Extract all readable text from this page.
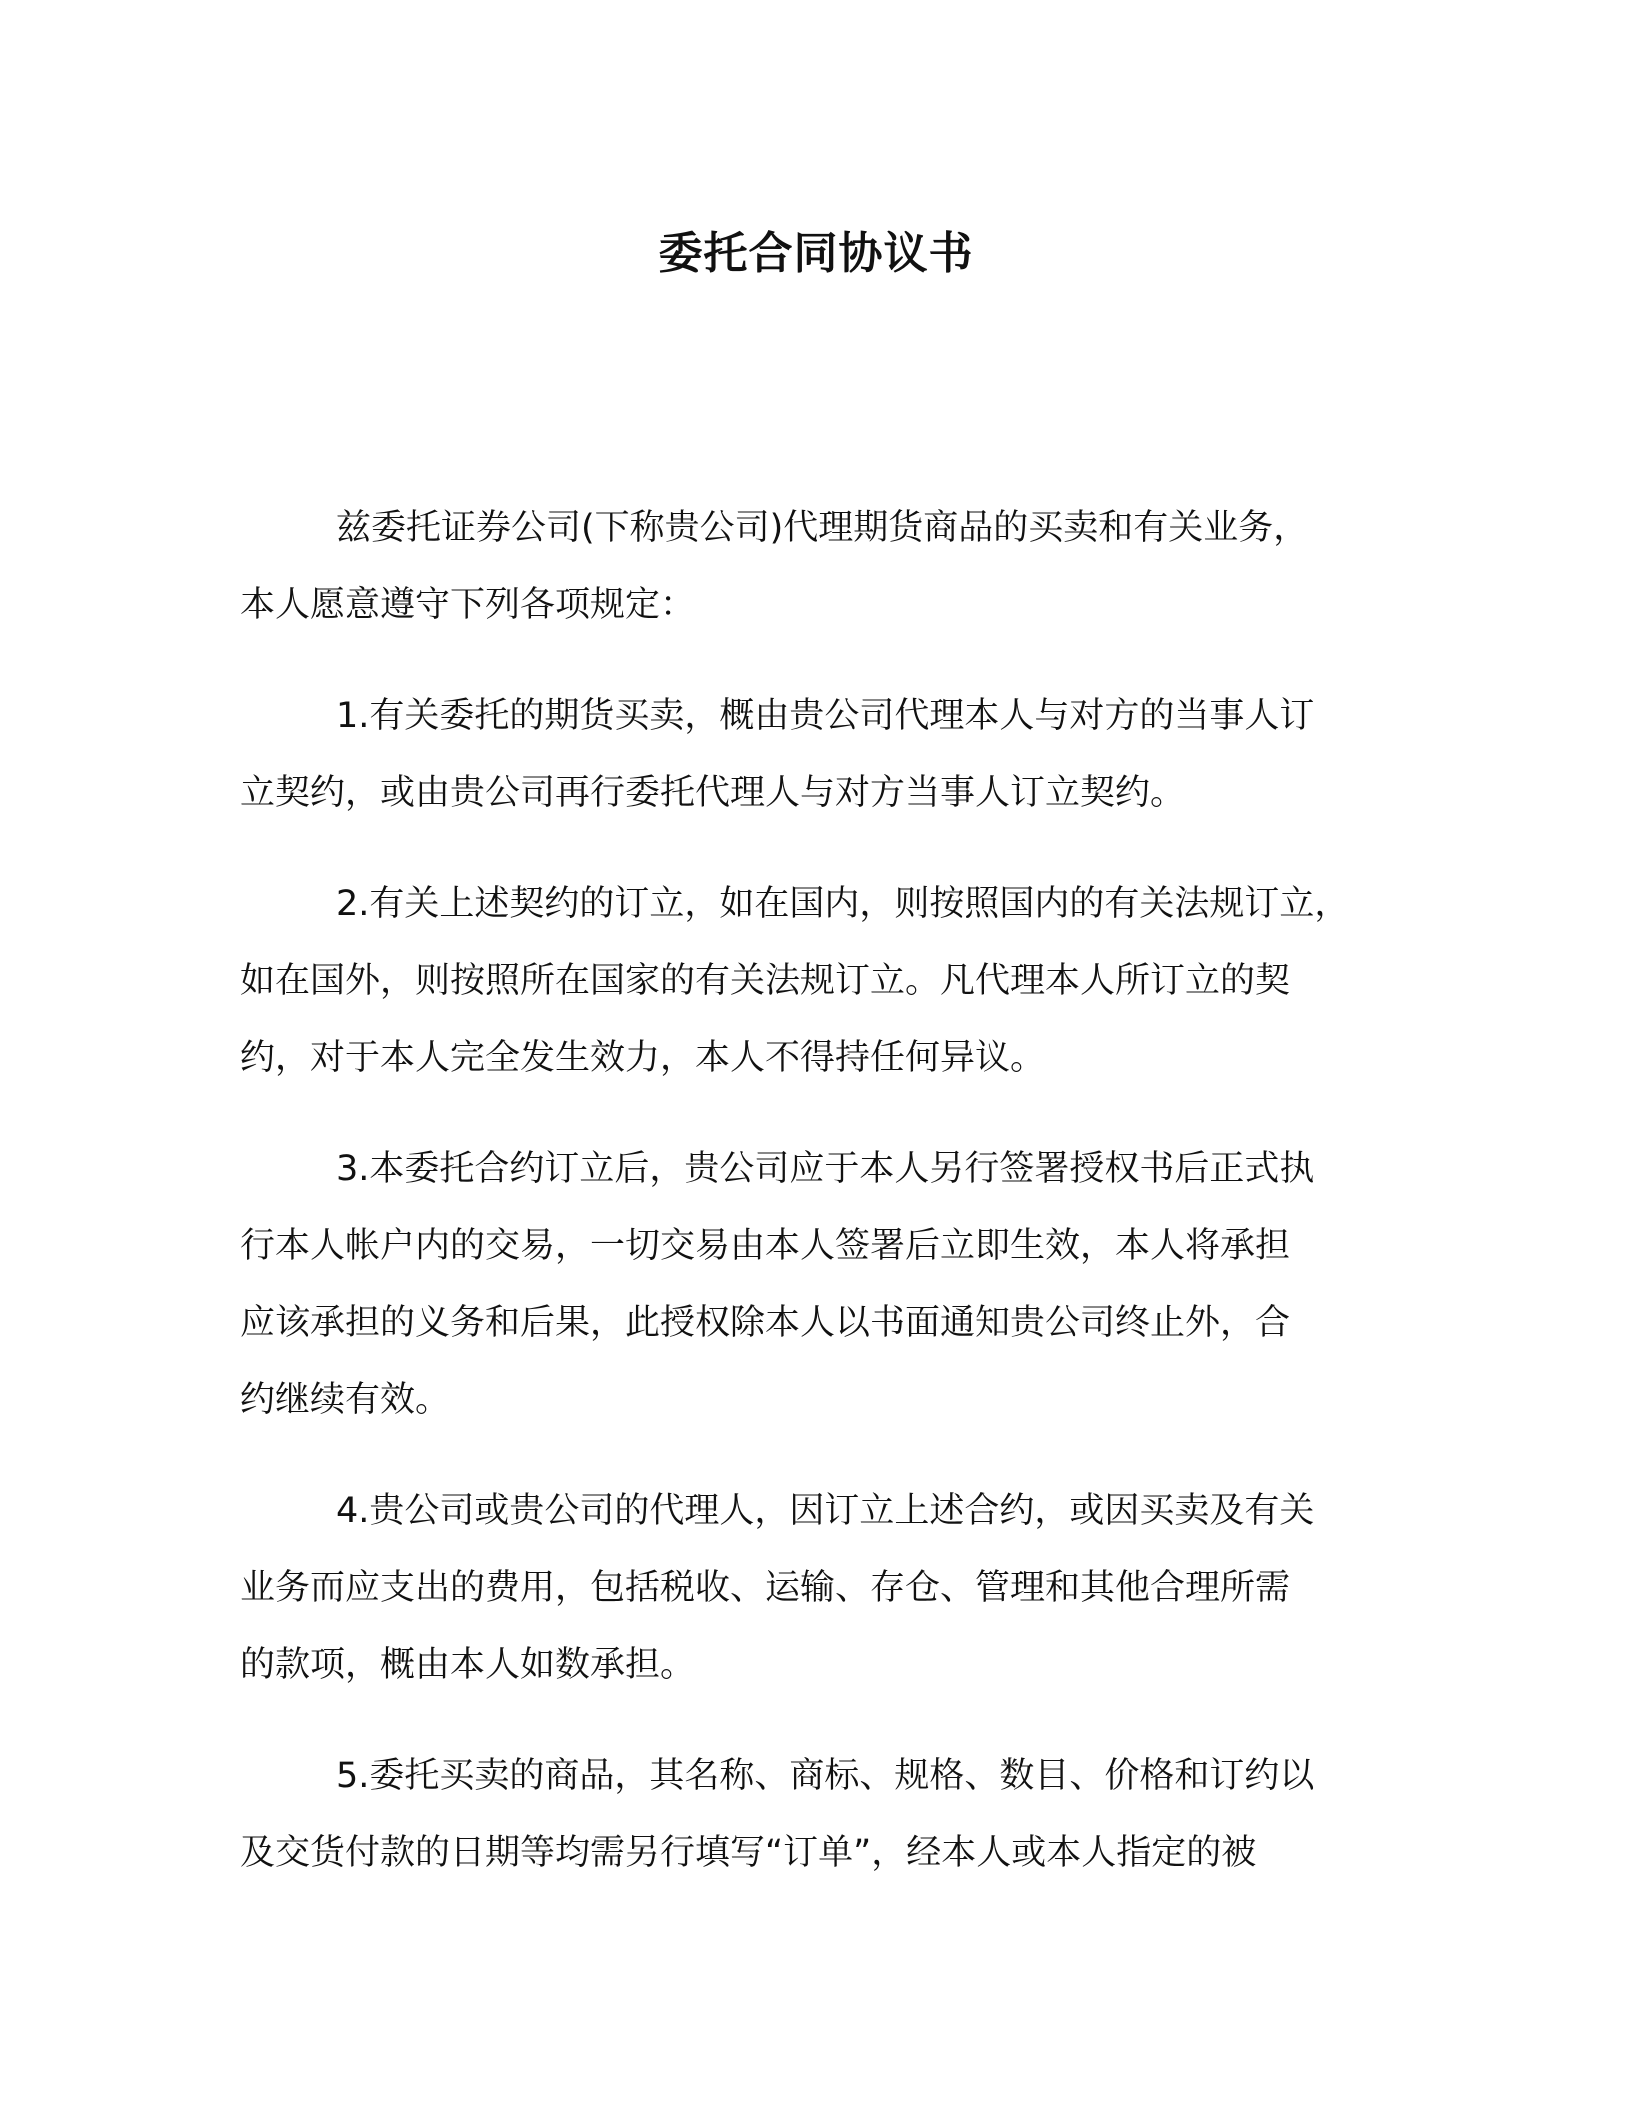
委托合同协议书

兹委托证券公司(下称贵公司)代理期货商品的买卖和有关业务，
本人愿意遵守下列各项规定：

1.有关委托的期货买卖，概由贵公司代理本人与对方的当事人订
立契约，或由贵公司再行委托代理人与对方当事人订立契约。

2.有关上述契约的订立，如在国内，则按照国内的有关法规订立，
如在国外，则按照所在国家的有关法规订立。凡代理本人所订立的契
约，对于本人完全发生效力，本人不得持任何异议。

3.本委托合约订立后，贵公司应于本人另行签署授权书后正式执
行本人帐户内的交易，一切交易由本人签署后立即生效，本人将承担
应该承担的义务和后果，此授权除本人以书面通知贵公司终止外，合
约继续有效。

4.贵公司或贵公司的代理人，因订立上述合约，或因买卖及有关
业务而应支出的费用，包括税收、运输、存仓、管理和其他合理所需
的款项，概由本人如数承担。

5.委托买卖的商品，其名称、商标、规格、数目、价格和订约以
及交货付款的日期等均需另行填写“订单”，经本人或本人指定的被
